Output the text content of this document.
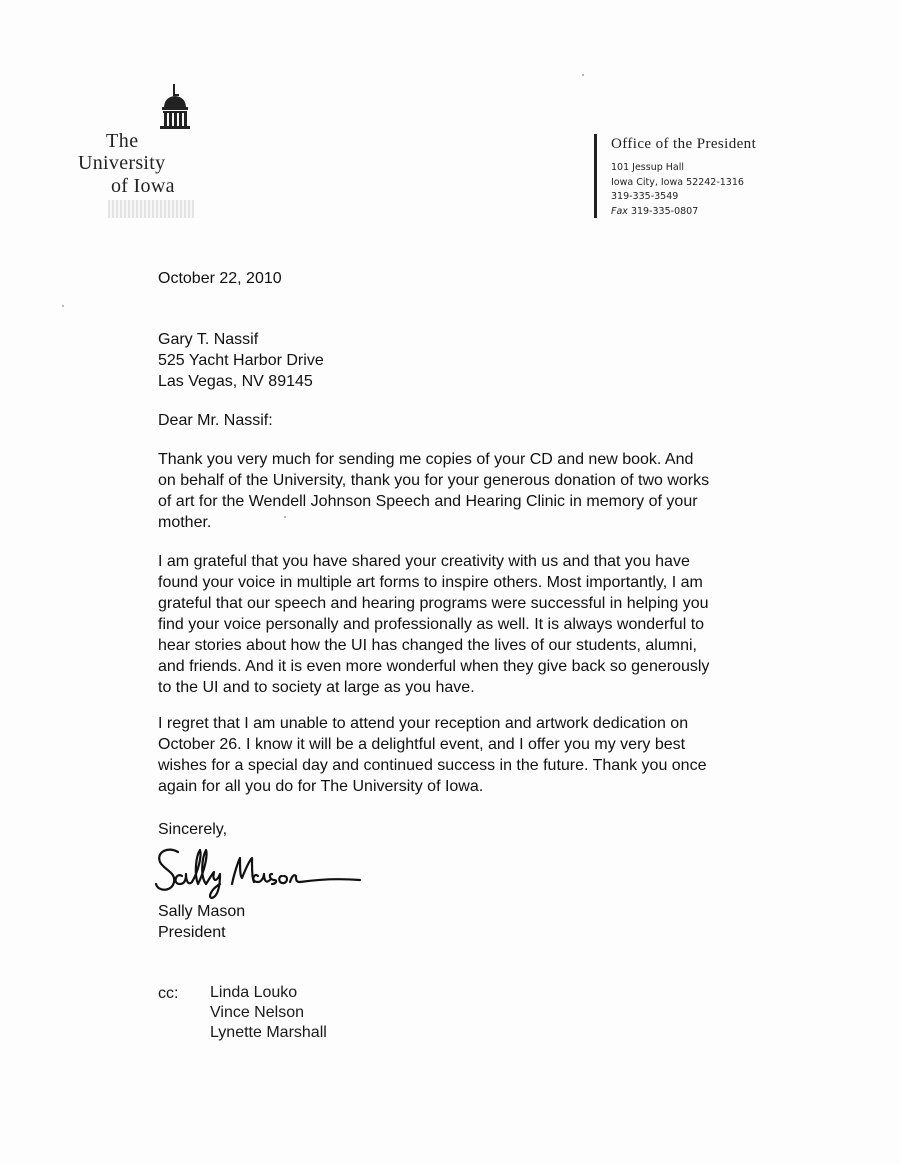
The
University
of Iowa
Office of the President
101 Jessup Hall
Iowa City, Iowa 52242-1316
319-335-3549
Fax 319-335-0807
October 22, 2010
Gary T. Nassif
525 Yacht Harbor Drive
Las Vegas, NV 89145
Dear Mr. Nassif:
Thank you very much for sending me copies of your CD and new book. And
on behalf of the University, thank you for your generous donation of two works
of art for the Wendell Johnson Speech and Hearing Clinic in memory of your
mother.
I am grateful that you have shared your creativity with us and that you have
found your voice in multiple art forms to inspire others. Most importantly, I am
grateful that our speech and hearing programs were successful in helping you
find your voice personally and professionally as well. It is always wonderful to
hear stories about how the UI has changed the lives of our students, alumni,
and friends. And it is even more wonderful when they give back so generously
to the UI and to society at large as you have.
I regret that I am unable to attend your reception and artwork dedication on
October 26. I know it will be a delightful event, and I offer you my very best
wishes for a special day and continued success in the future. Thank you once
again for all you do for The University of Iowa.
Sincerely,
Sally Mason
President
cc: Linda Louko
Vince Nelson
Lynette Marshall
